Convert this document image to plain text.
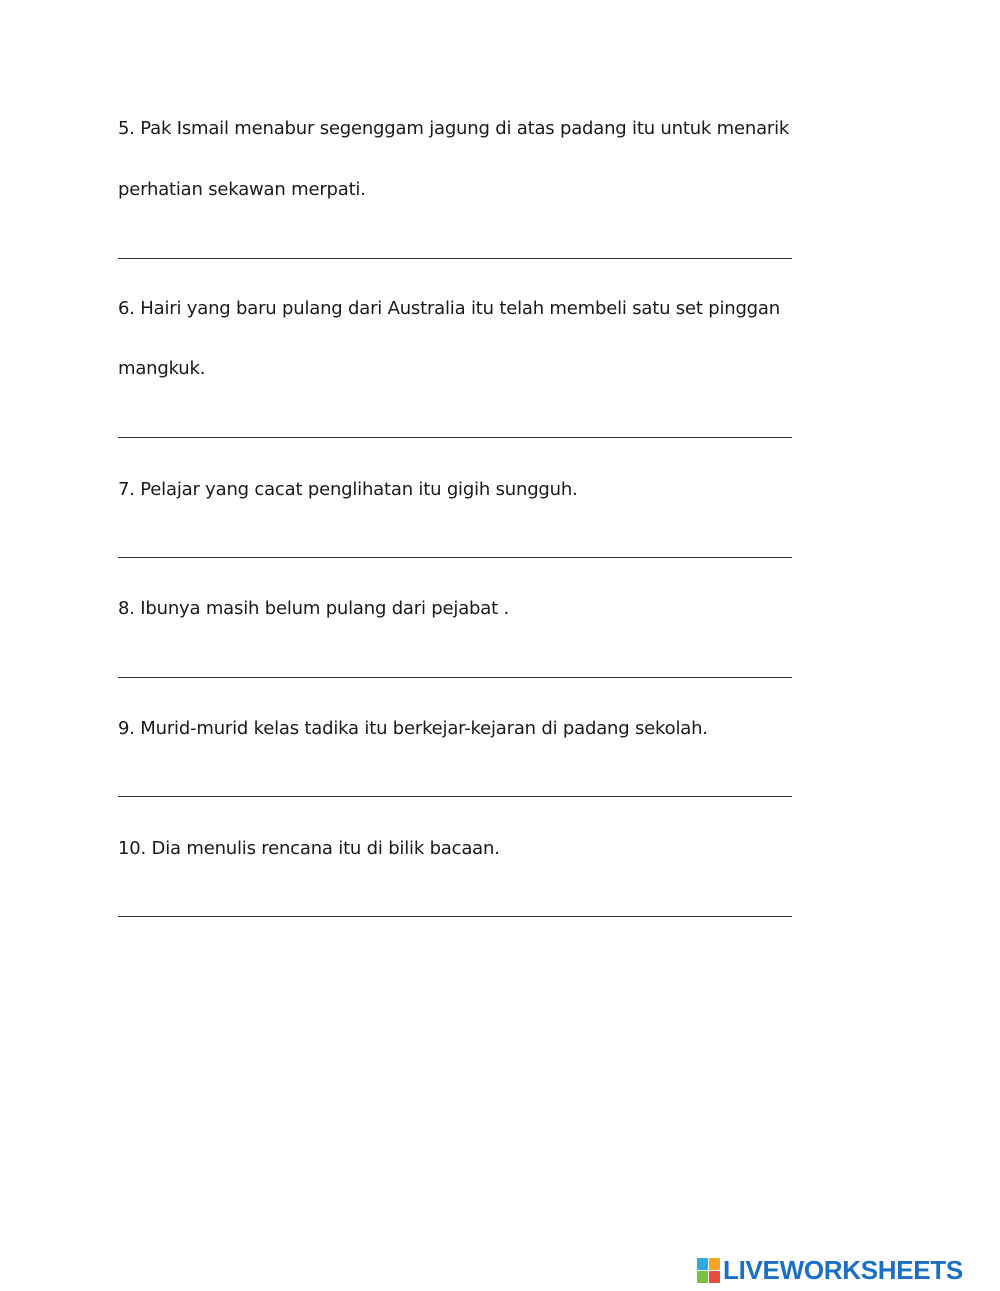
5. Pak Ismail menabur segenggam jagung di atas padang itu untuk menarik
perhatian sekawan merpati.
6. Hairi yang baru pulang dari Australia itu telah membeli satu set pinggan
mangkuk.
7. Pelajar yang cacat penglihatan itu gigih sungguh.
8. Ibunya masih belum pulang dari pejabat .
9. Murid-murid kelas tadika itu berkejar-kejaran di padang sekolah.
10. Dia menulis rencana itu di bilik bacaan.
LIVEWORKSHEETS
